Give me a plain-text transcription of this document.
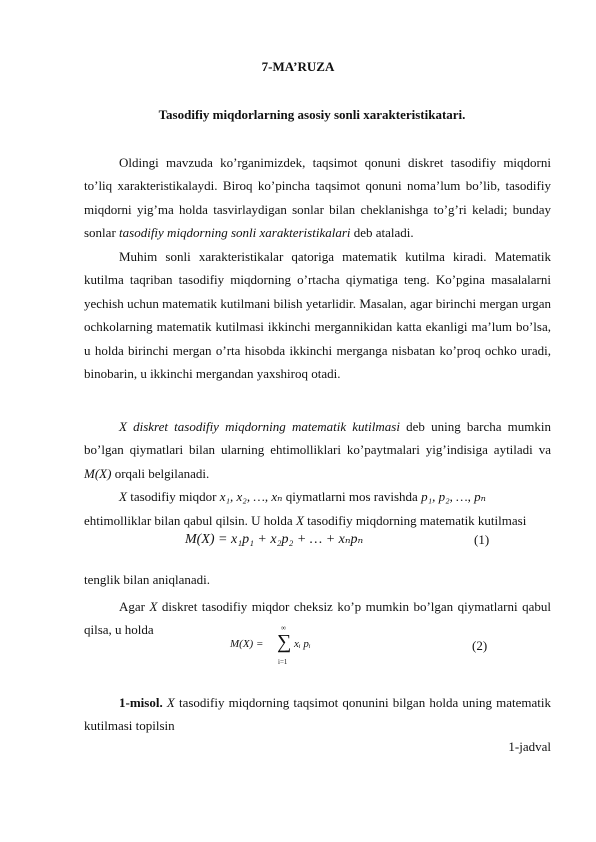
7-MA’RUZA
Tasodifiy miqdorlarning asosiy sonli xarakteristikatari.

Oldingi mavzuda ko’rganimizdek, taqsimot qonuni diskret tasodifiy miqdorni to’liq xarakteristikalaydi. Biroq ko’pincha taqsimot qonuni noma’lum bo’lib, tasodifiy miqdorni yig’ma holda tasvirlaydigan sonlar bilan cheklanishga to’g’ri keladi; bunday sonlar tasodifiy miqdorning sonli xarakteristikalari deb ataladi.

Muhim sonli xarakteristikalar qatoriga matematik kutilma kiradi. Matematik kutilma taqriban tasodifiy miqdorning o’rtacha qiymatiga teng. Ko’pgina masalalarni yechish uchun matematik kutilmani bilish yetarlidir. Masalan, agar birinchi mergan urgan ochkolarning matematik kutilmasi ikkinchi mergannikidan katta ekanligi ma’lum bo’lsa, u holda birinchi mergan o’rta hisobda ikkinchi merganga nisbatan ko’proq ochko uradi, binobarin, u ikkinchi mergandan yaxshiroq otadi.

X diskret tasodifiy miqdorning matematik kutilmasi deb uning barcha mumkin bo’lgan qiymatlari bilan ularning ehtimolliklari ko’paytmalari yig’indisiga aytiladi va M(X) orqali belgilanadi.

X tasodifiy miqdor x₁, x₂, …, xₙ qiymatlarni mos ravishda p₁, p₂, …, pₙ

ehtimolliklar bilan qabul qilsin. U holda X tasodifiy miqdorning matematik kutilmasi

M(X) = x₁p₁ + x₂p₂ + … + xₙpₙ	(1)

tenglik bilan aniqlanadi.

Agar X diskret tasodifiy miqdor cheksiz ko’p mumkin bo’lgan qiymatlarni qabul qilsa, u holda

M(X) =
∞
∑
i=1
xᵢ pᵢ	(2)

1-misol. X tasodifiy miqdorning taqsimot qonunini bilgan holda uning matematik kutilmasi topilsin

1-jadval
